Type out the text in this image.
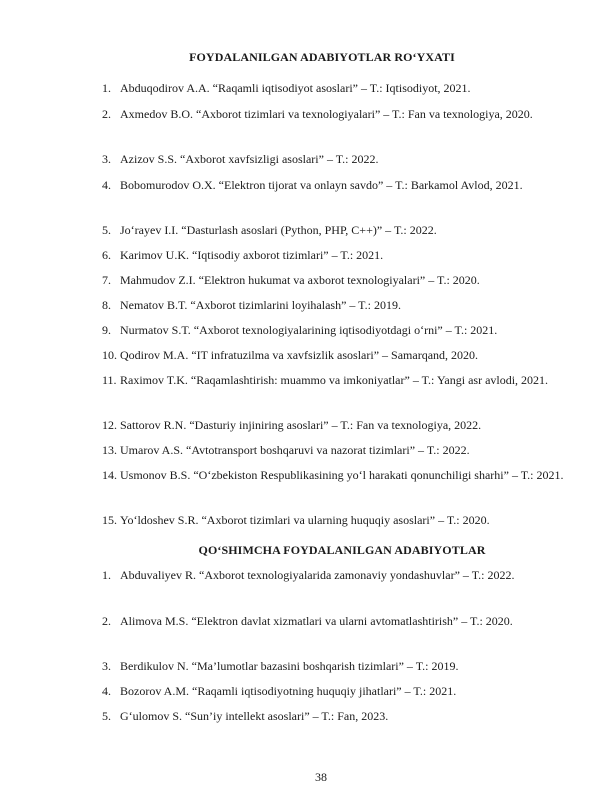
FOYDALANILGAN ADABIYOTLAR RO‘YXATI
1. Abduqodirov A.A. “Raqamli iqtisodiyot asoslari” – T.: Iqtisodiyot, 2021.
2. Axmedov B.O. “Axborot tizimlari va texnologiyalari” – T.: Fan va texnologiya, 2020.
3. Azizov S.S. “Axborot xavfsizligi asoslari” – T.: 2022.
4. Bobomurodov O.X. “Elektron tijorat va onlayn savdo” – T.: Barkamol Avlod, 2021.
5. Jo‘rayev I.I. “Dasturlash asoslari (Python, PHP, C++)” – T.: 2022.
6. Karimov U.K. “Iqtisodiy axborot tizimlari” – T.: 2021.
7. Mahmudov Z.I. “Elektron hukumat va axborot texnologiyalari” – T.: 2020.
8. Nematov B.T. “Axborot tizimlarini loyihalash” – T.: 2019.
9. Nurmatov S.T. “Axborot texnologiyalarining iqtisodiyotdagi o‘rni” – T.: 2021.
10. Qodirov M.A. “IT infratuzilma va xavfsizlik asoslari” – Samarqand, 2020.
11. Raximov T.K. “Raqamlashtirish: muammo va imkoniyatlar” – T.: Yangi asr avlodi, 2021.
12. Sattorov R.N. “Dasturiy injiniring asoslari” – T.: Fan va texnologiya, 2022.
13. Umarov A.S. “Avtotransport boshqaruvi va nazorat tizimlari” – T.: 2022.
14. Usmonov B.S. “O‘zbekiston Respublikasining yo‘l harakati qonunchiligi sharhi” – T.: 2021.
15. Yo‘ldoshev S.R. “Axborot tizimlari va ularning huquqiy asoslari” – T.: 2020.
QO‘SHIMCHA FOYDALANILGAN ADABIYOTLAR
1. Abduvaliyev R. “Axborot texnologiyalarida zamonaviy yondashuvlar” – T.: 2022.
2. Alimova M.S. “Elektron davlat xizmatlari va ularni avtomatlashtirish” – T.: 2020.
3. Berdikulov N. “Ma’lumotlar bazasini boshqarish tizimlari” – T.: 2019.
4. Bozorov A.M. “Raqamli iqtisodiyotning huquqiy jihatlari” – T.: 2021.
5. G‘ulomov S. “Sun’iy intellekt asoslari” – T.: Fan, 2023.
38
